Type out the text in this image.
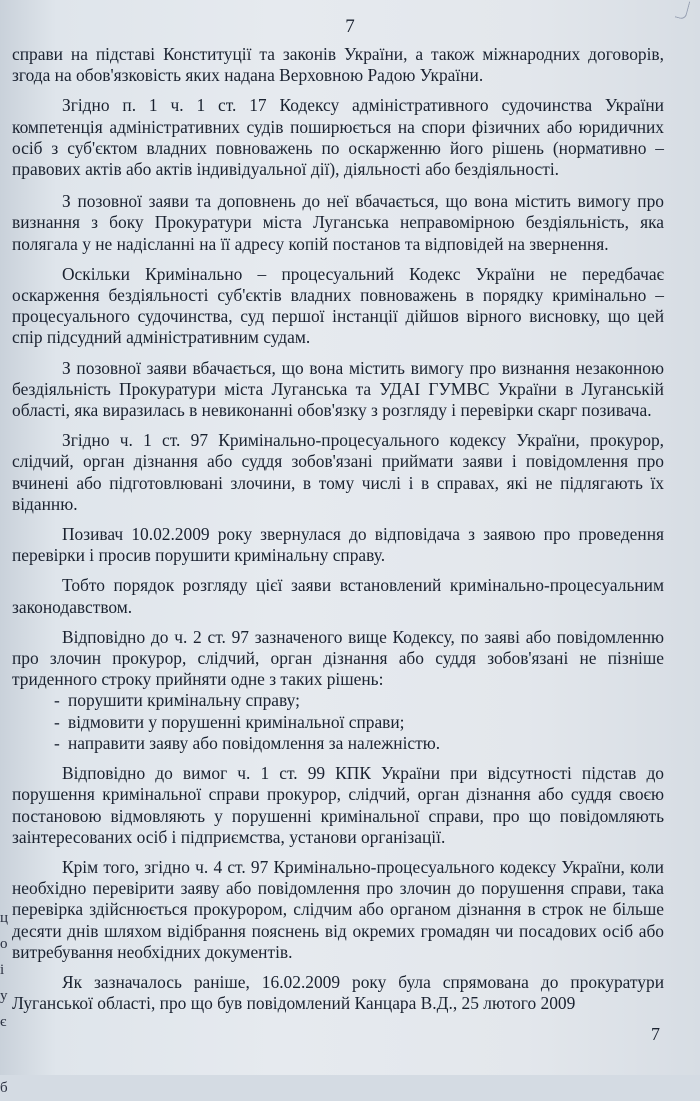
7

справи на підставі Конституції та законів України, а також міжнародних договорів, згода на обов'язковість яких надана Верховною Радою України.

Згідно п. 1 ч. 1 ст. 17 Кодексу адміністративного судочинства України компетенція адміністративних судів поширюється на спори фізичних або юридичних осіб з суб'єктом владних повноважень по оскарженню його рішень (нормативно – правових актів або актів індивідуальної дії), діяльності або бездіяльності.

З позовної заяви та доповнень до неї вбачається, що вона містить вимогу про визнання з боку Прокуратури міста Луганська неправомірною бездіяльність, яка полягала у не надісланні на її адресу копій постанов та відповідей на звернення.

Оскільки Кримінально – процесуальний Кодекс України не передбачає оскарження бездіяльності суб'єктів владних повноважень в порядку кримінально – процесуального судочинства, суд першої інстанції дійшов вірного висновку, що цей спір підсудний адміністративним судам.

З позовної заяви вбачається, що вона містить вимогу про визнання незаконною бездіяльність Прокуратури міста Луганська та УДАІ ГУМВС України в Луганській області, яка виразилась в невиконанні обов'язку з розгляду і перевірки скарг позивача.

Згідно ч. 1 ст. 97 Кримінально-процесуального кодексу України, прокурор, слідчий, орган дізнання або суддя зобов'язані приймати заяви і повідомлення про вчинені або підготовлювані злочини, в тому числі і в справах, які не підлягають їх віданню.

Позивач 10.02.2009 року звернулася до відповідача з заявою про проведення перевірки і просив порушити кримінальну справу.

Тобто порядок розгляду цієї заяви встановлений кримінально-процесуальним законодавством.

Відповідно до ч. 2 ст. 97 зазначеного вище Кодексу, по заяві або повідомленню про злочин прокурор, слідчий, орган дізнання або суддя зобов'язані не пізніше триденного строку прийняти одне з таких рішень:

- порушити кримінальну справу;
- відмовити у порушенні кримінальної справи;
- направити заяву або повідомлення за належністю.

Відповідно до вимог ч. 1 ст. 99 КПК України при відсутності підстав до порушення кримінальної справи прокурор, слідчий, орган дізнання або суддя своєю постановою відмовляють у порушенні кримінальної справи, про що повідомляють заінтересованих осіб і підприємства, установи організації.

Крім того, згідно ч. 4 ст. 97 Кримінально-процесуального кодексу України, коли необхідно перевірити заяву або повідомлення про злочин до порушення справи, така перевірка здійснюється прокурором, слідчим або органом дізнання в строк не більше десяти днів шляхом відібрання пояснень від окремих громадян чи посадових осіб або витребування необхідних документів.

Як зазначалось раніше, 16.02.2009 року була спрямована до прокуратури Луганської області, про що був повідомлений Канцара В.Д., 25 лютого 2009

ц
о
і
у
є
б
7
